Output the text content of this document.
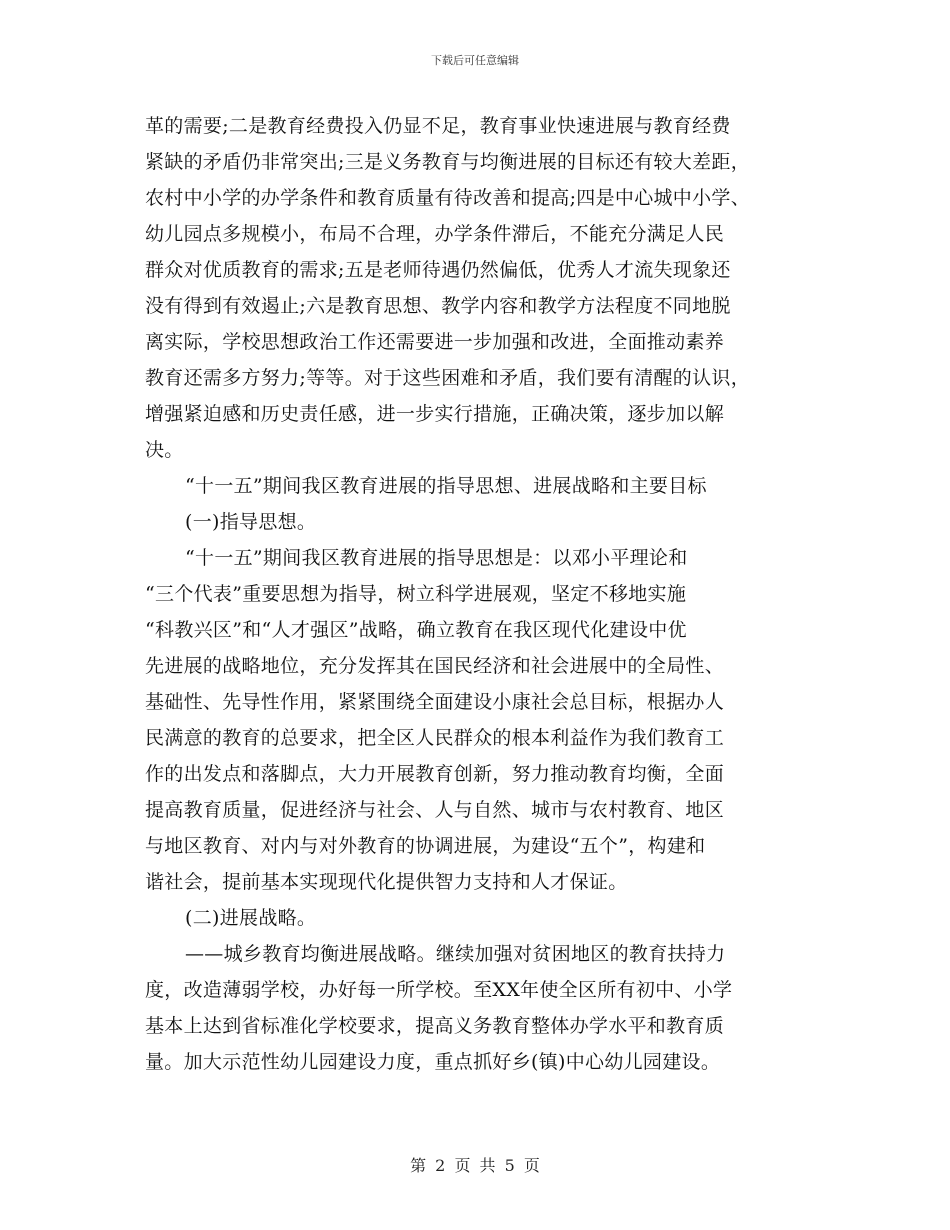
下载后可任意编辑
革的需要;二是教育经费投入仍显不足，教育事业快速进展与教育经费
紧缺的矛盾仍非常突出;三是义务教育与均衡进展的目标还有较大差距，
农村中小学的办学条件和教育质量有待改善和提高;四是中心城中小学、
幼儿园点多规模小，布局不合理，办学条件滞后，不能充分满足人民
群众对优质教育的需求;五是老师待遇仍然偏低，优秀人才流失现象还
没有得到有效遏止;六是教育思想、教学内容和教学方法程度不同地脱
离实际，学校思想政治工作还需要进一步加强和改进，全面推动素养
教育还需多方努力;等等。对于这些困难和矛盾，我们要有清醒的认识，
增强紧迫感和历史责任感，进一步实行措施，正确决策，逐步加以解
决。
“十一五”期间我区教育进展的指导思想、进展战略和主要目标
(一)指导思想。
“十一五”期间我区教育进展的指导思想是：以邓小平理论和
“三个代表”重要思想为指导，树立科学进展观，坚定不移地实施
“科教兴区”和“人才强区”战略，确立教育在我区现代化建设中优
先进展的战略地位，充分发挥其在国民经济和社会进展中的全局性、
基础性、先导性作用，紧紧围绕全面建设小康社会总目标，根据办人
民满意的教育的总要求，把全区人民群众的根本利益作为我们教育工
作的出发点和落脚点，大力开展教育创新，努力推动教育均衡，全面
提高教育质量，促进经济与社会、人与自然、城市与农村教育、地区
与地区教育、对内与对外教育的协调进展，为建设“五个”，构建和
谐社会，提前基本实现现代化提供智力支持和人才保证。
(二)进展战略。
——城乡教育均衡进展战略。继续加强对贫困地区的教育扶持力
度，改造薄弱学校，办好每一所学校。至XX年使全区所有初中、小学
基本上达到省标准化学校要求，提高义务教育整体办学水平和教育质
量。加大示范性幼儿园建设力度，重点抓好乡(镇)中心幼儿园建设。
第 2 页 共 5 页
